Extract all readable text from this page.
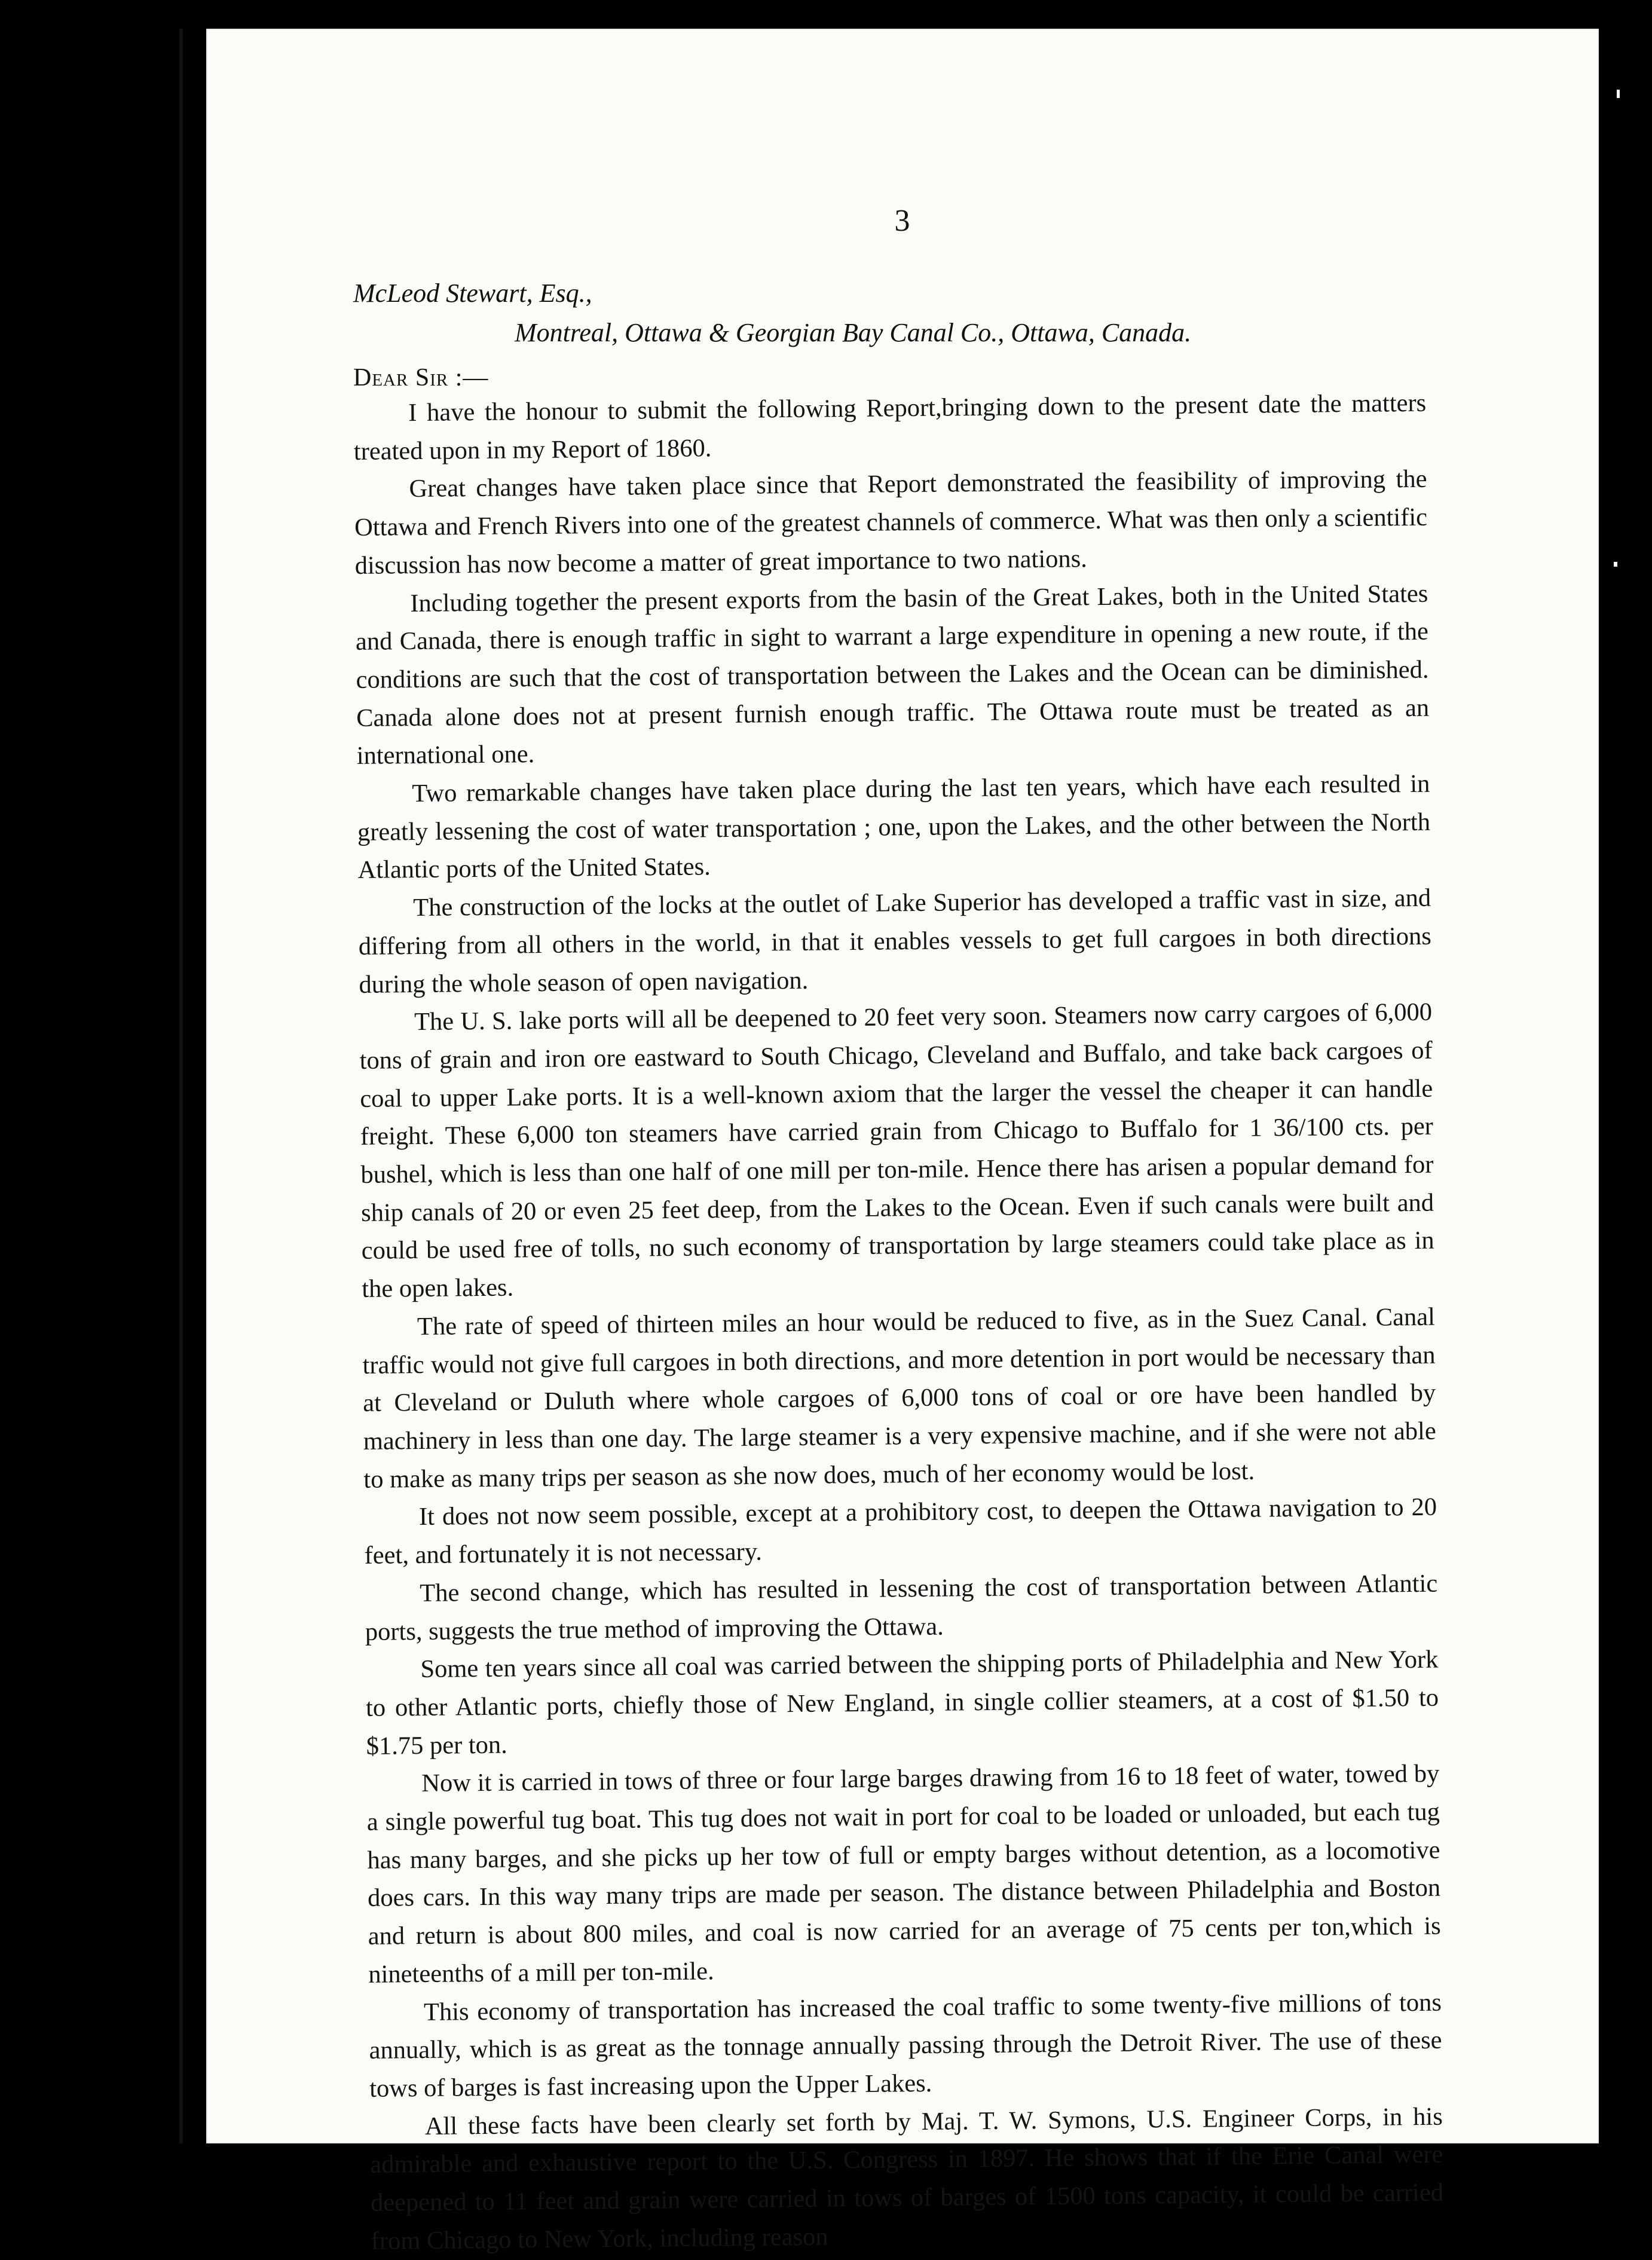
3
McLeod Stewart, Esq.,
Montreal, Ottawa & Georgian Bay Canal Co., Ottawa, Canada.
Dear Sir :—

I have the honour to submit the following Report,bringing down to the present date the matters treated upon in my Report of 1860.

Great changes have taken place since that Report demonstrated the feasibility of improving the Ottawa and French Rivers into one of the greatest channels of commerce. What was then only a scientific discussion has now become a matter of great importance to two nations.

Including together the present exports from the basin of the Great Lakes, both in the United States and Canada, there is enough traffic in sight to warrant a large expenditure in opening a new route, if the conditions are such that the cost of transportation between the Lakes and the Ocean can be diminished. Canada alone does not at present furnish enough traffic. The Ottawa route must be treated as an international one.

Two remarkable changes have taken place during the last ten years, which have each resulted in greatly lessening the cost of water transportation ; one, upon the Lakes, and the other between the North Atlantic ports of the United States.

The construction of the locks at the outlet of Lake Superior has developed a traffic vast in size, and differing from all others in the world, in that it enables vessels to get full cargoes in both directions during the whole season of open navigation.

The U. S. lake ports will all be deepened to 20 feet very soon. Steamers now carry cargoes of 6,000 tons of grain and iron ore eastward to South Chicago, Cleveland and Buffalo, and take back cargoes of coal to upper Lake ports. It is a well-known axiom that the larger the vessel the cheaper it can handle freight. These 6,000 ton steamers have carried grain from Chicago to Buffalo for 1 36/100 cts. per bushel, which is less than one half of one mill per ton-mile. Hence there has arisen a popular demand for ship canals of 20 or even 25 feet deep, from the Lakes to the Ocean. Even if such canals were built and could be used free of tolls, no such economy of transportation by large steamers could take place as in the open lakes.

The rate of speed of thirteen miles an hour would be reduced to five, as in the Suez Canal. Canal traffic would not give full cargoes in both directions, and more detention in port would be necessary than at Cleveland or Duluth where whole cargoes of 6,000 tons of coal or ore have been handled by machinery in less than one day. The large steamer is a very expensive machine, and if she were not able to make as many trips per season as she now does, much of her economy would be lost.

It does not now seem possible, except at a prohibitory cost, to deepen the Ottawa navigation to 20 feet, and fortunately it is not necessary.

The second change, which has resulted in lessening the cost of transportation between Atlantic ports, suggests the true method of improving the Ottawa.

Some ten years since all coal was carried between the shipping ports of Philadelphia and New York to other Atlantic ports, chiefly those of New England, in single collier steamers, at a cost of $1.50 to $1.75 per ton.

Now it is carried in tows of three or four large barges drawing from 16 to 18 feet of water, towed by a single powerful tug boat. This tug does not wait in port for coal to be loaded or unloaded, but each tug has many barges, and she picks up her tow of full or empty barges without detention, as a locomotive does cars. In this way many trips are made per season. The distance between Philadelphia and Boston and return is about 800 miles, and coal is now carried for an average of 75 cents per ton,which is nineteenths of a mill per ton-mile.

This economy of transportation has increased the coal traffic to some twenty-five millions of tons annually, which is as great as the tonnage annually passing through the Detroit River. The use of these tows of barges is fast increasing upon the Upper Lakes.

All these facts have been clearly set forth by Maj. T. W. Symons, U.S. Engineer Corps, in his admirable and exhaustive report to the U.S. Congress in 1897. He shows that if the Erie Canal were deepened to 11 feet and grain were carried in tows of barges of 1500 tons capacity, it could be carried from Chicago to New York, including reason
